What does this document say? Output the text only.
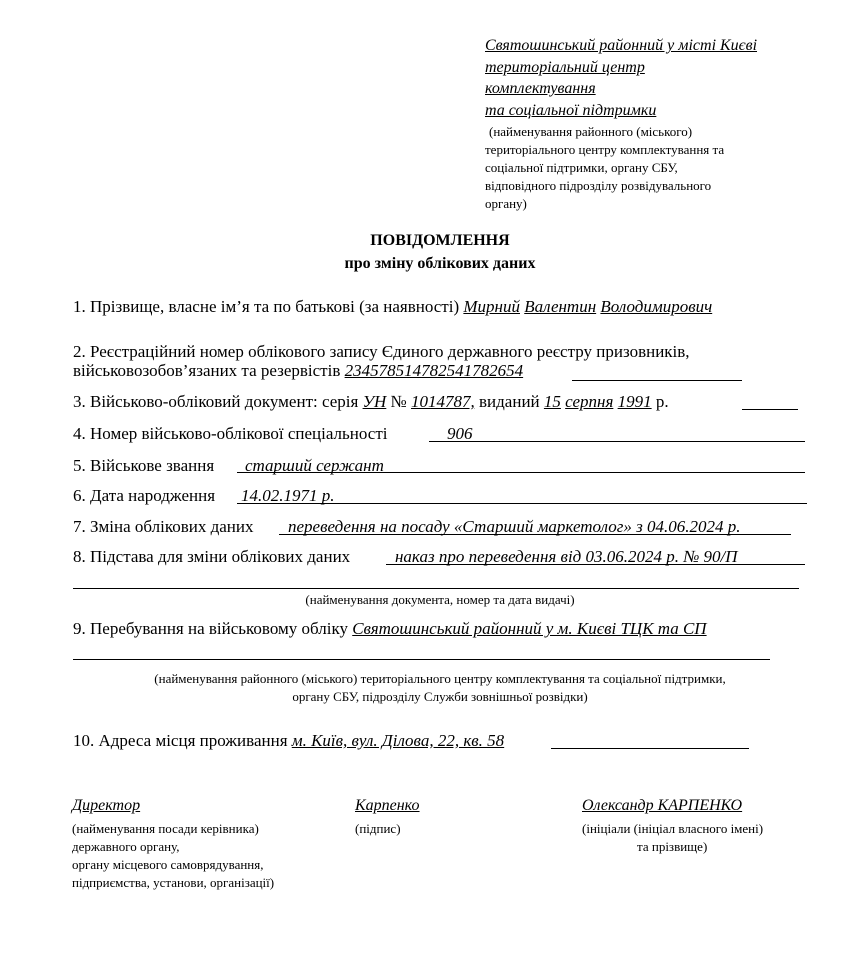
Святошинський районний у місті Києві
територіальний центр
комплектування
та соціальної підтримки
(найменування районного (міського)
територіального центру комплектування та
соціальної підтримки, органу СБУ,
відповідного підрозділу розвідувального
органу)
ПОВІДОМЛЕННЯ
про зміну облікових даних
1. Прізвище, власне ім’я та по батькові (за наявності) Мирний Валентин Володимирович
2. Реєстраційний номер облікового запису Єдиного державного реєстру призовників,
військовозобов’язаних та резервістів 23457851478254178265​4
3. Військово-обліковий документ: серія УН № 1014787, виданий 15 серпня 1991 р.
4. Номер військово-облікової спеціальності	906
5. Військове звання старший сержант
6. Дата народження 14.02.1971 р.
7. Зміна облікових даних переведення на посаду «Старший маркетолог» з 04.06.2024 р.
8. Підстава для зміни облікових даних	наказ про переведення від 03.06.2024 р. № 90/П
(найменування документа, номер та дата видачі)
9. Перебування на військовому обліку Святошинський районний у м. Києві ТЦК та СП
(найменування районного (міського) територіального центру комплектування та соціальної підтримки,
органу СБУ, підрозділу Служби зовнішньої розвідки)
10. Адреса місця проживання м. Київ, вул. Ділова, 22, кв. 58
Директор
(найменування посади керівника)
державного органу,
органу місцевого самоврядування,
підприємства, установи, організації)
Карпенко
(підпис)
Олександр КАРПЕНКО
(ініціали (ініціал власного імені)
та прізвище)
